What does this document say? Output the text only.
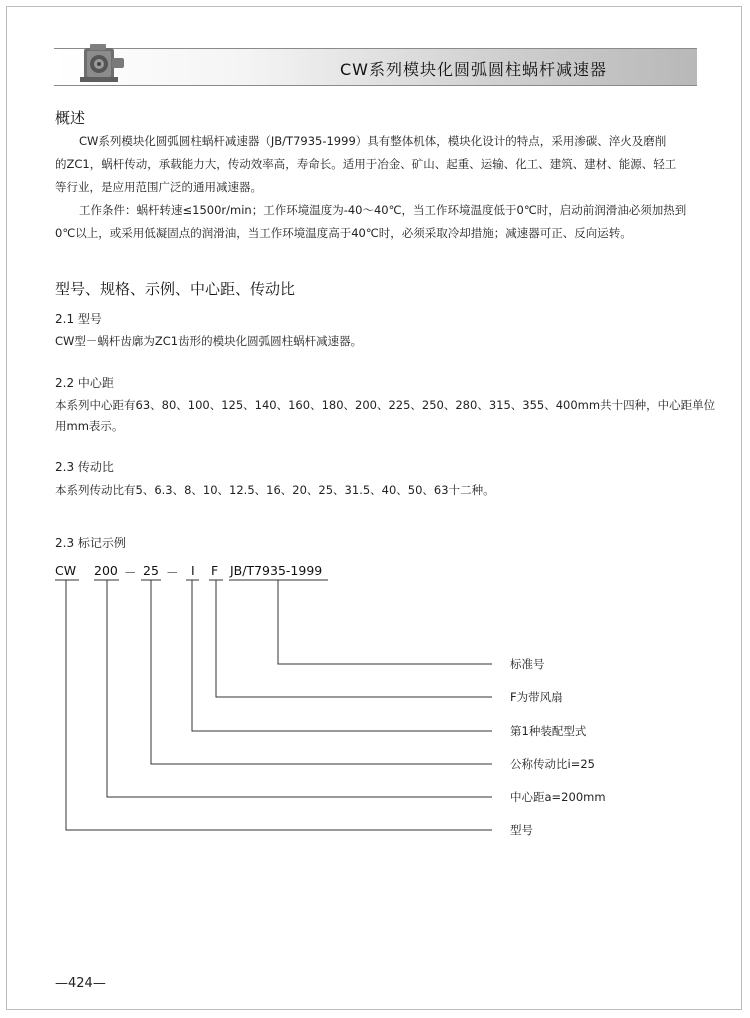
CW系列模块化圆弧圆柱蜗杆减速器
概述
CW系列模块化圆弧圆柱蜗杆减速器（JB/T7935-1999）具有整体机体，模块化设计的特点，采用渗碳、淬火及磨削
的ZC1，蜗杆传动，承载能力大，传动效率高，寿命长。适用于冶金、矿山、起重、运输、化工、建筑、建材、能源、轻工
等行业，是应用范围广泛的通用减速器。
工作条件：蜗杆转速≤1500r/min；工作环境温度为-40～40℃，当工作环境温度低于0℃时，启动前润滑油必须加热到
0℃以上，或采用低凝固点的润滑油，当工作环境温度高于40℃时，必须采取冷却措施；减速器可正、反向运转。
型号、规格、示例、中心距、传动比
2.1 型号
CW型－蜗杆齿廓为ZC1齿形的模块化圆弧圆柱蜗杆减速器。
2.2 中心距
本系列中心距有63、80、100、125、140、160、180、200、225、250、280、315、355、400mm共十四种，中心距单位
用mm表示。
2.3 传动比
本系列传动比有5、6.3、8、10、12.5、16、20、25、31.5、40、50、63十二种。
2.3 标记示例
CW 200 － 25 － I F JB/T7935-1999
标准号
F为带风扇
第1种装配型式
公称传动比i=25
中心距a=200mm
型号
—424—
